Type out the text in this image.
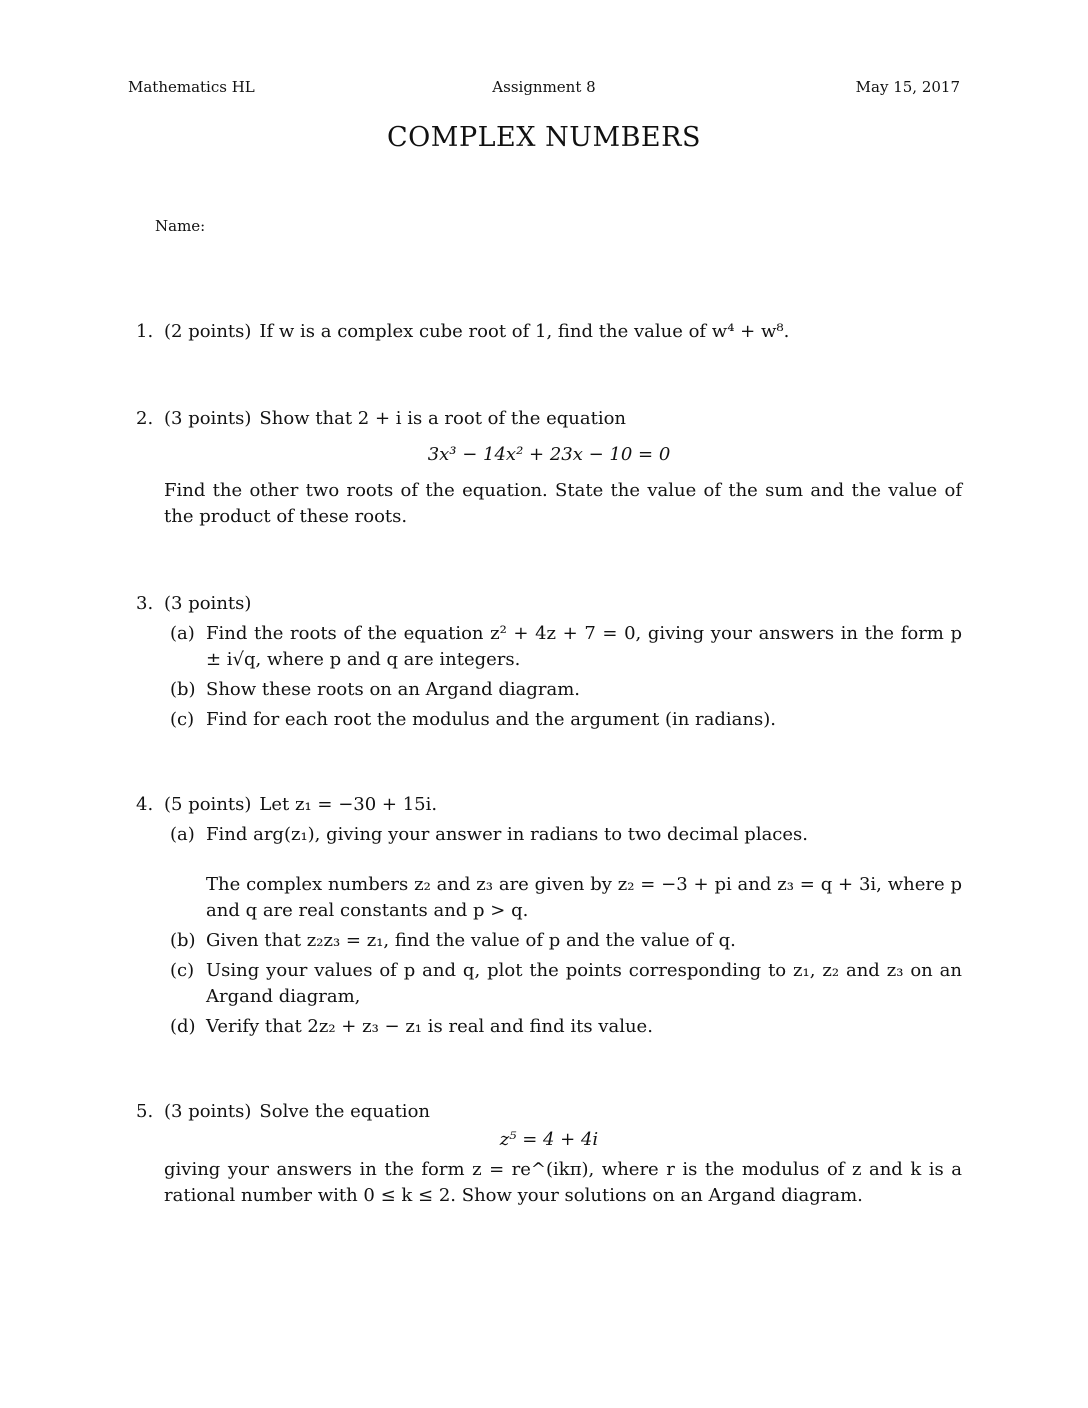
Mathematics HL	Assignment 8	May 15, 2017
COMPLEX NUMBERS
Name:
1. (2 points) If w is a complex cube root of 1, find the value of w⁴ + w⁸.
2. (3 points) Show that 2 + i is a root of the equation
3x³ − 14x² + 23x − 10 = 0
Find the other two roots of the equation. State the value of the sum and the value of the product of these roots.
3. (3 points)
(a) Find the roots of the equation z² + 4z + 7 = 0, giving your answers in the form p ± i√q, where p and q are integers.
(b) Show these roots on an Argand diagram.
(c) Find for each root the modulus and the argument (in radians).
4. (5 points) Let z₁ = −30 + 15i.
(a) Find arg(z₁), giving your answer in radians to two decimal places.
The complex numbers z₂ and z₃ are given by z₂ = −3 + pi and z₃ = q + 3i, where p and q are real constants and p > q.
(b) Given that z₂z₃ = z₁, find the value of p and the value of q.
(c) Using your values of p and q, plot the points corresponding to z₁, z₂ and z₃ on an Argand diagram,
(d) Verify that 2z₂ + z₃ − z₁ is real and find its value.
5. (3 points) Solve the equation
z⁵ = 4 + 4i
giving your answers in the form z = re^(ikπ), where r is the modulus of z and k is a rational number with 0 ≤ k ≤ 2. Show your solutions on an Argand diagram.
